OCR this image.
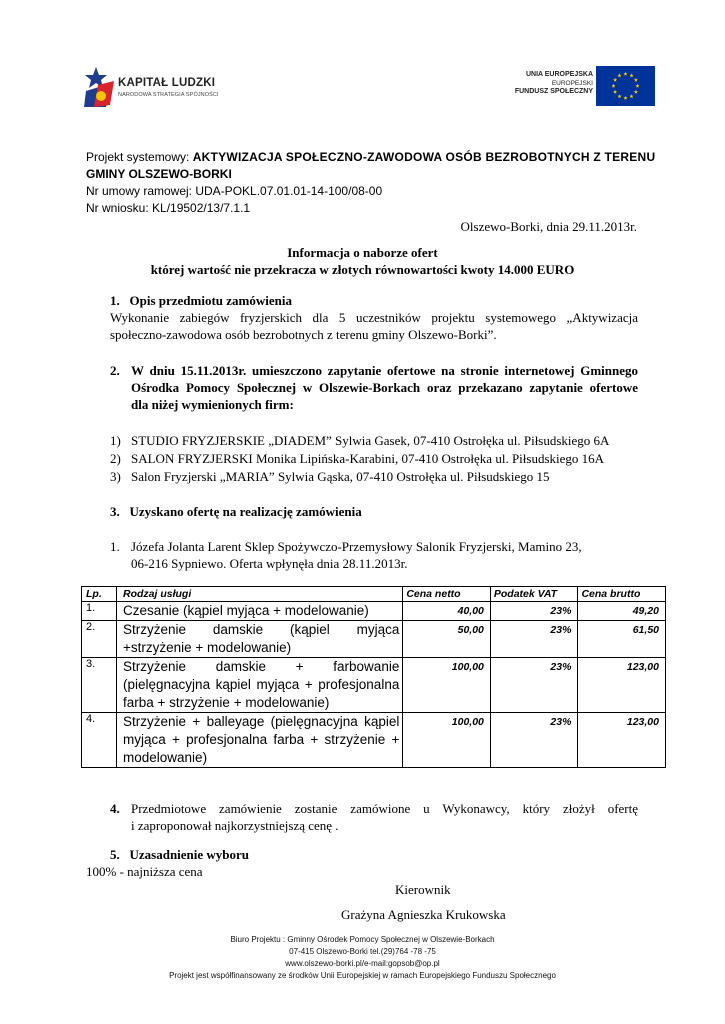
KAPITAŁ LUDZKI
NARODOWA STRATEGIA SPÓJNOŚCI
UNIA EUROPEJSKA
EUROPEJSKI
FUNDUSZ SPOŁECZNY
Projekt systemowy: AKTYWIZACJA SPOŁECZNO-ZAWODOWA OSÓB BEZROBOTNYCH Z TERENU
GMINY OLSZEWO-BORKI
Nr umowy ramowej: UDA-POKL.07.01.01-14-100/08-00
Nr wniosku: KL/19502/13/7.1.1
Olszewo-Borki, dnia 29.11.2013r.
Informacja o naborze ofert
której wartość nie przekracza w złotych równowartości kwoty 14.000 EURO
1.   Opis przedmiotu zamówienia
Wykonanie zabiegów fryzjerskich dla 5 uczestników projektu systemowego „Aktywizacja
społeczno-zawodowa osób bezrobotnych z terenu gminy Olszewo-Borki”.
2. W dniu 15.11.2013r. umieszczono zapytanie ofertowe na stronie internetowej Gminnego
Ośrodka Pomocy Społecznej w Olszewie-Borkach oraz przekazano zapytanie ofertowe
dla niżej wymienionych firm:
1) STUDIO FRYZJERSKIE „DIADEM” Sylwia Gasek, 07-410 Ostrołęka ul. Piłsudskiego 6A
2) SALON FRYZJERSKI Monika Lipińska-Karabini, 07-410 Ostrołęka ul. Piłsudskiego 16A
3) Salon Fryzjerski „MARIA” Sylwia Gąska, 07-410 Ostrołęka ul. Piłsudskiego 15
3.   Uzyskano ofertę na realizację zamówienia
1. Józefa Jolanta Larent Sklep Spożywczo-Przemysłowy Salonik Fryzjerski, Mamino 23,
06-216 Sypniewo. Oferta wpłynęła dnia 28.11.2013r.
Lp.	Rodzaj usługi	Cena netto	Podatek VAT	Cena brutto
1.	Czesanie (kąpiel myjąca + modelowanie)	40,00	23%	49,20
2.	Strzyżenie damskie (kąpiel myjąca +strzyżenie + modelowanie)	50,00	23%	61,50
3.	Strzyżenie damskie + farbowanie (pielęgnacyjna kąpiel myjąca + profesjonalna farba + strzyżenie + modelowanie)	100,00	23%	123,00
4.	Strzyżenie + balleyage (pielęgnacyjna kąpiel myjąca + profesjonalna farba + strzyżenie + modelowanie)	100,00	23%	123,00
4. Przedmiotowe zamówienie zostanie zamówione u Wykonawcy, który złożył ofertę
i zaproponował najkorzystniejszą cenę .
5.   Uzasadnienie wyboru
100% - najniższa cena
Kierownik
Grażyna Agnieszka Krukowska
Biuro Projektu : Gminny Ośrodek Pomocy Społecznej w Olszewie-Borkach
07-415 Olszewo-Borki tel.(29)764 -78 -75
www.olszewo-borki.pl/e-mail:gopsob@op.pl
Projekt jest współfinansowany ze środków Unii Europejskiej w ramach Europejskiego Funduszu Społecznego
